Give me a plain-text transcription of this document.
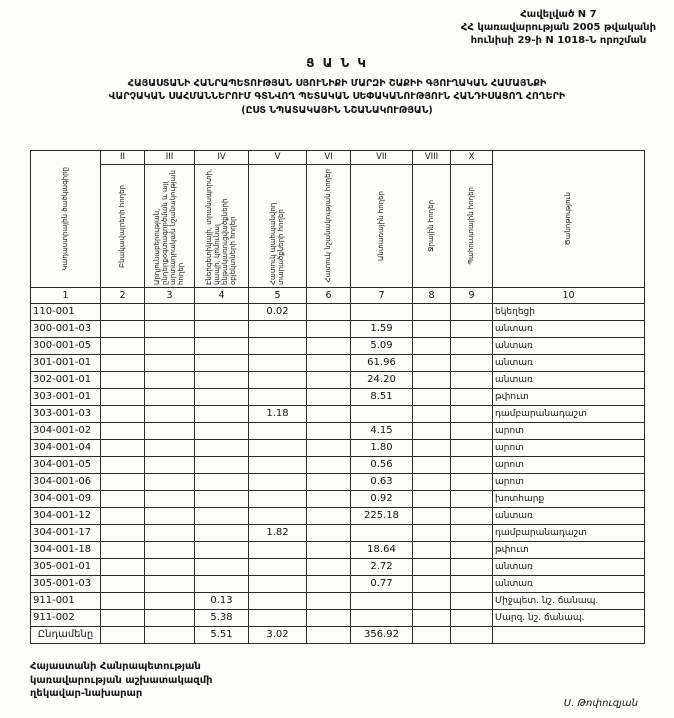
Հավելված N 7
ՀՀ կառավարության 2005 թվականի
հունիսի 29-ի N 1018-Ն որոշման
Ց Ա Ն Կ
ՀԱՅԱՍՏԱՆԻ ՀԱՆՐԱՊԵՏՈՒԹՅԱՆ ՍՅՈՒՆԻՔԻ ՄԱՐԶԻ ՇԱՔԻԻ ԳՅՈՒՂԱԿԱՆ ՀԱՄԱՅՆՔԻ
ՎԱՐՉԱԿԱՆ ՍԱՀՄԱՆՆԵՐՈՒՄ ԳՏՆՎՈՂ ՊԵՏԱԿԱՆ ՍԵՓԱԿԱՆՈՒԹՅՈՒՆ ՀԱՆԴԻՍԱՑՈՂ ՀՈՂԵՐԻ
(ԸՍՏ ՆՊԱՏԱԿԱՅԻՆ ՆՇԱՆԱԿՈՒԹՅԱՆ)
Կադաստրային ծածկագիրը	II	III	IV	V	VI	VII	VIII	X	Ծանոթություն

	Բնակավայրերի հողեր	Արդյունաբերության, ընդերքօգտագործման և այլ արտադրական նշանակության հողեր	Էներգետիկայի, տրանսպորտի, կապի, կոմունալ ենթակառուցվածքների օբյեկտների հողեր	Հատուկ պահպանվող տարածքների հողեր	Հատուկ նշանակության հողեր	Անտառային հողեր	Ջրային հողեր	Պահուստային հողեր	

1	2	3	4	5	6	7	8	9	10
110-001				0.02					եկեղեցի
300-001-03						1.59			անտառ
300-001-05						5.09			անտառ
301-001-01						61.96			անտառ
302-001-01						24.20			անտառ
303-001-01						8.51			թփուտ
303-001-03				1.18					դամբարանադաշտ
304-001-02						4.15			արոտ
304-001-04						1.80			արոտ
304-001-05						0.56			արոտ
304-001-06						0.63			արոտ
304-001-09						0.92			խոտհարք
304-001-12						225.18			անտառ
304-001-17				1.82					դամբարանադաշտ
304-001-18						18.64			թփուտ
305-001-01						2.72			անտառ
305-001-03						0.77			անտառ
911-001			0.13						Միջպետ. նշ. ճանապ.
911-002			5.38						Մարզ. նշ. ճանապ.
Ընդամենը			5.51	3.02		356.92			
Հայաստանի Հանրապետության
կառավարության աշխատակազմի
ղեկավար-նախարար
Ս. Թոփուզյան
